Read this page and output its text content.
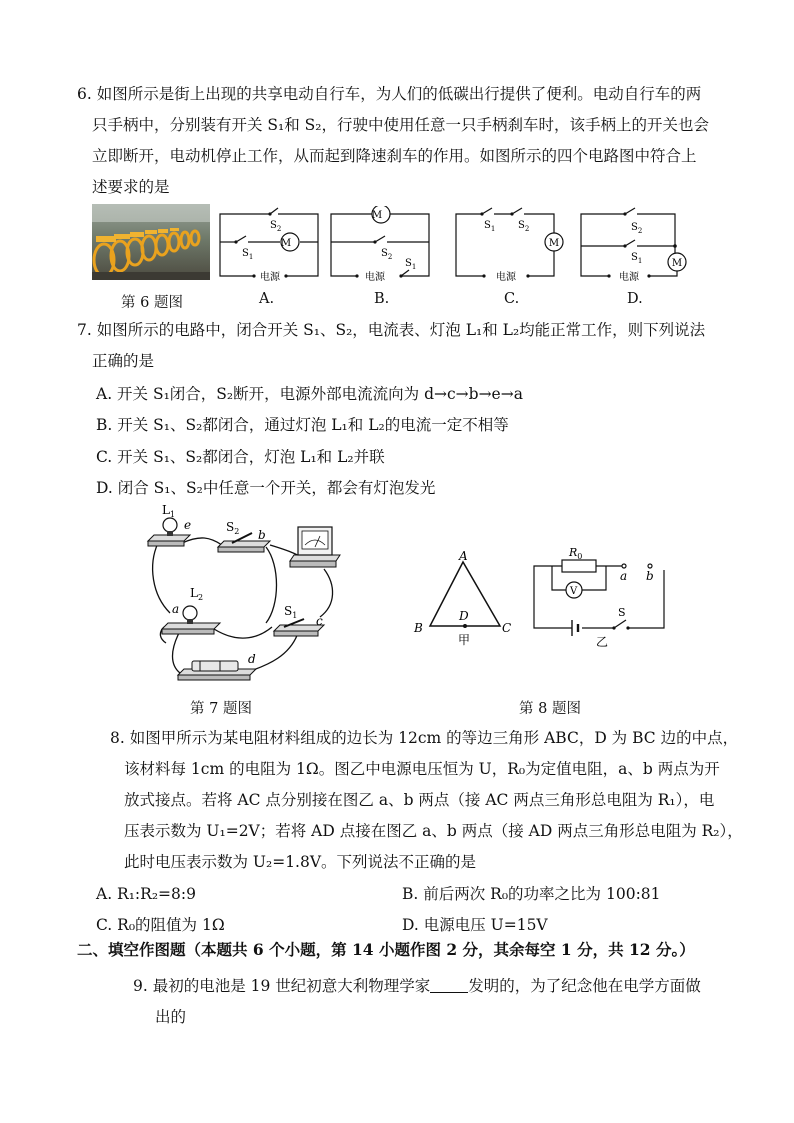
6. 如图所示是街上出现的共享电动自行车，为人们的低碳出行提供了便利。电动自行车的两
只手柄中，分别装有开关 S₁和 S₂，行驶中使用任意一只手柄刹车时，该手柄上的开关也会
立即断开，电动机停止工作，从而起到降速刹车的作用。如图所示的四个电路图中符合上
述要求的是
第 6 题图
M
$S_2$
$S_1$
电源
A.
M
$S_2$
$S_1$
电源
B.
M
$S_1$ $S_2$
电源
C.
M
$S_2$
$S_1$
电源
D.
7. 如图所示的电路中，闭合开关 S₁、S₂，电流表、灯泡 L₁和 L₂均能正常工作，则下列说法
正确的是
A. 开关 S₁闭合，S₂断开，电源外部电流流向为 d→c→b→e→a
B. 开关 S₁、S₂都闭合，通过灯泡 L₁和 L₂的电流一定不相等
C. 开关 S₁、S₂都闭合，灯泡 L₁和 L₂并联
D. 闭合 S₁、S₂中任意一个开关，都会有灯泡发光
$L_1$
e	$S_2$ b
$L_2$
a	$S_1$ c
d
第 7 题图
A
B	C
D
甲
$R_0$
V
a b
S
乙
第 8 题图
8. 如图甲所示为某电阻材料组成的边长为 12cm 的等边三角形 ABC，D 为 BC 边的中点，
该材料每 1cm 的电阻为 1Ω。图乙中电源电压恒为 U，R₀为定值电阻，a、b 两点为开
放式接点。若将 AC 点分别接在图乙 a、b 两点（接 AC 两点三角形总电阻为 R₁），电
压表示数为 U₁=2V；若将 AD 点接在图乙 a、b 两点（接 AD 两点三角形总电阻为 R₂），
此时电压表示数为 U₂=1.8V。下列说法不正确的是
A. R₁:R₂=8:9	B. 前后两次 R₀的功率之比为 100:81
C. R₀的阻值为 1Ω	D. 电源电压 U=15V
二、填空作图题（本题共 6 个小题，第 14 小题作图 2 分，其余每空 1 分，共 12 分。）
9. 最初的电池是 19 世纪初意大利物理学家 发明的，为了纪念他在电学方面做
出的
